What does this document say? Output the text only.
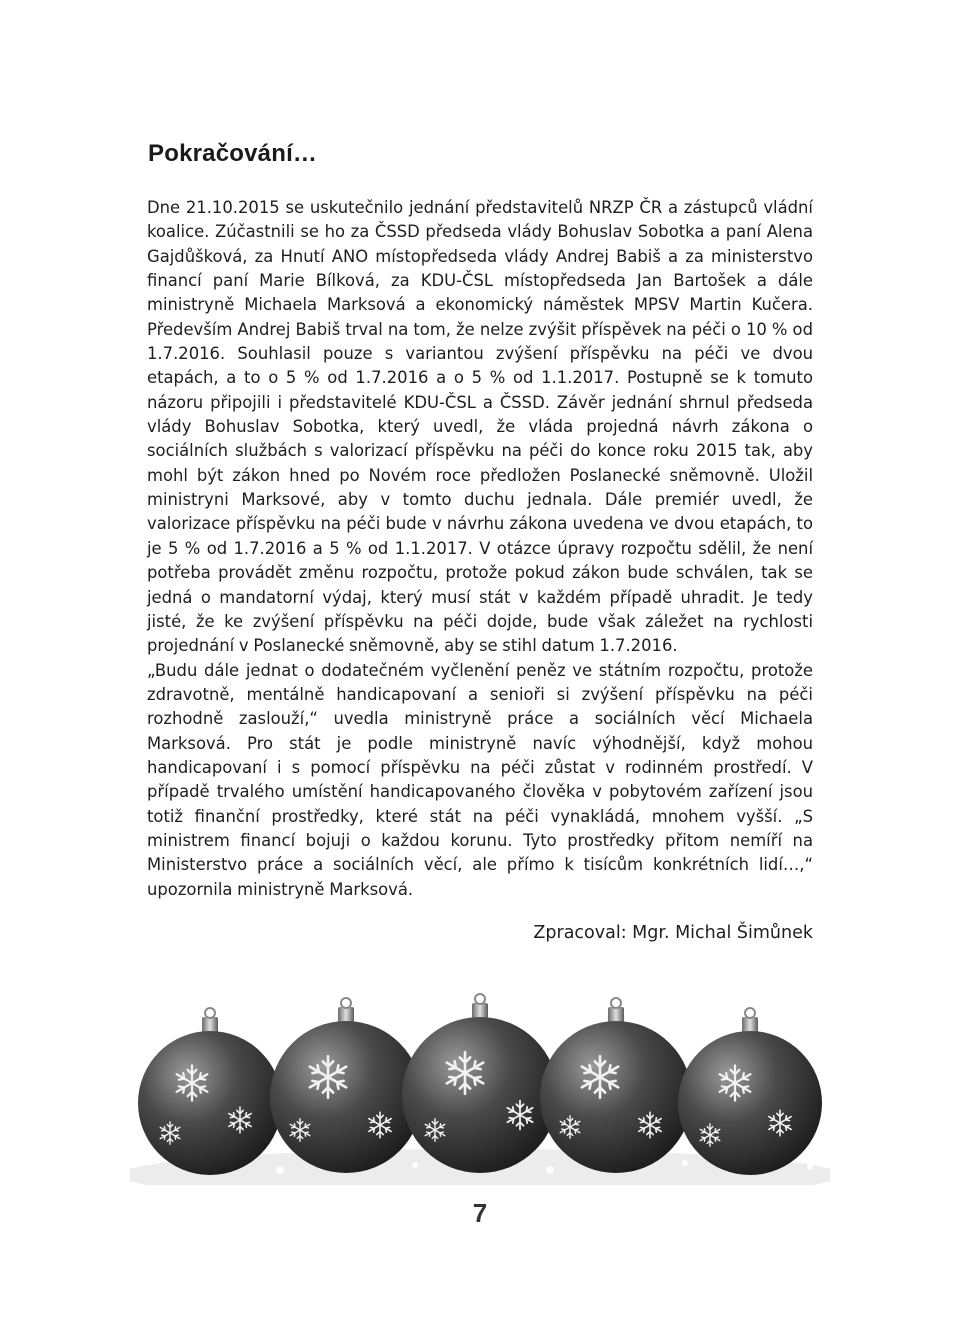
Pokračování…

Dne 21.10.2015 se uskutečnilo jednání představitelů NRZP ČR a zástupců vládní koalice. Zúčastnili se ho za ČSSD předseda vlády Bohuslav Sobotka a paní Alena Gajdůšková, za Hnutí ANO místopředseda vlády Andrej Babiš a za ministerstvo financí paní Marie Bílková, za KDU-ČSL místopředseda Jan Bartošek a dále ministryně Michaela Marksová a ekonomický náměstek MPSV Martin Kučera. Především Andrej Babiš trval na tom, že nelze zvýšit příspěvek na péči o 10 % od 1.7.2016. Souhlasil pouze s variantou zvýšení příspěvku na péči ve dvou etapách, a to o 5 % od 1.7.2016 a o 5 % od 1.1.2017. Postupně se k tomuto názoru připojili i představitelé KDU-ČSL a ČSSD. Závěr jednání shrnul předseda vlády Bohuslav Sobotka, který uvedl, že vláda projedná návrh zákona o sociálních službách s valorizací příspěvku na péči do konce roku 2015 tak, aby mohl být zákon hned po Novém roce předložen Poslanecké sněmovně. Uložil ministryni Marksové, aby v tomto duchu jednala. Dále premiér uvedl, že valorizace příspěvku na péči bude v návrhu zákona uvedena ve dvou etapách, to je 5 % od 1.7.2016 a 5 % od 1.1.2017. V otázce úpravy rozpočtu sdělil, že není potřeba provádět změnu rozpočtu, protože pokud zákon bude schválen, tak se jedná o mandatorní výdaj, který musí stát v každém případě uhradit. Je tedy jisté, že ke zvýšení příspěvku na péči dojde, bude však záležet na rychlosti projednání v Poslanecké sněmovně, aby se stihl datum 1.7.2016.

„Budu dále jednat o dodatečném vyčlenění peněz ve státním rozpočtu, protože zdravotně, mentálně handicapovaní a senioři si zvýšení příspěvku na péči rozhodně zaslouží,“ uvedla ministryně práce a sociálních věcí Michaela Marksová. Pro stát je podle ministryně navíc výhodnější, když mohou handicapovaní i s pomocí příspěvku na péči zůstat v rodinném prostředí. V případě trvalého umístění handicapovaného člověka v pobytovém zařízení jsou totiž finanční prostředky, které stát na péči vynakládá, mnohem vyšší. „S ministrem financí bojuji o každou korunu. Tyto prostředky přitom nemíří na Ministerstvo práce a sociálních věcí, ale přímo k tisícům konkrétních lidí…,“ upozornila ministryně Marksová.

Zpracoval: Mgr. Michal Šimůnek
7
